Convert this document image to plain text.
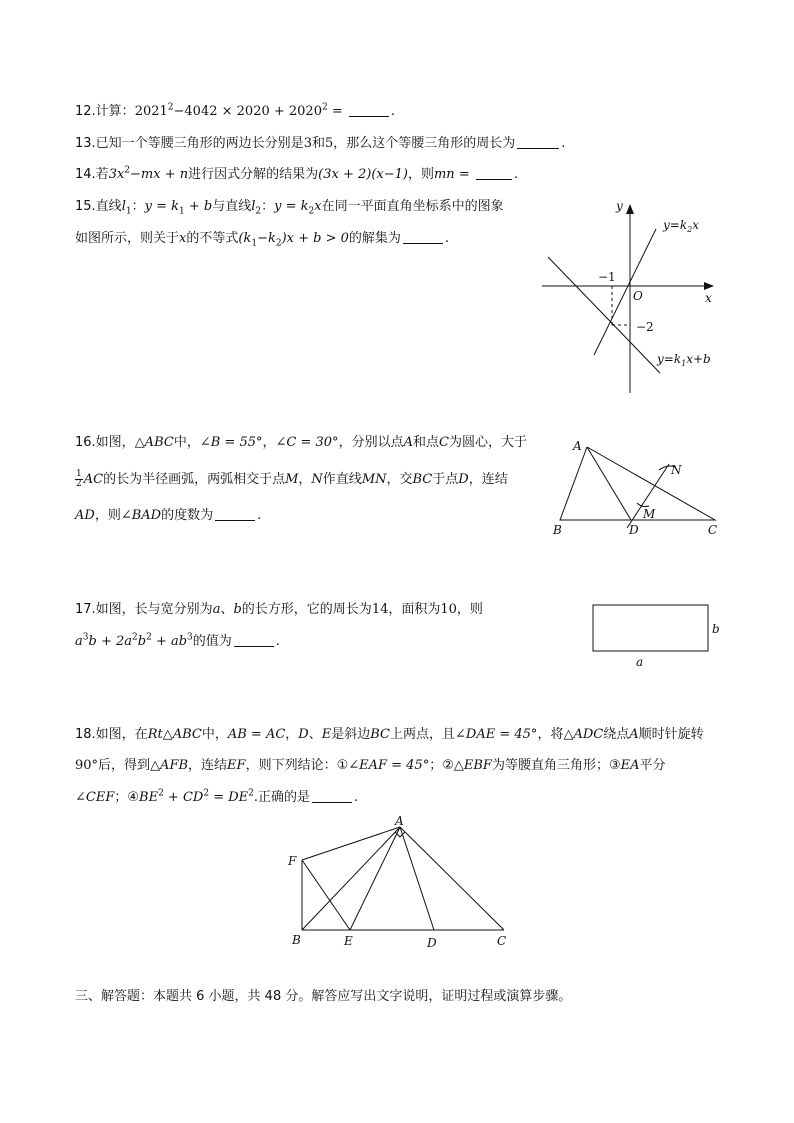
12.计算：$2021^2-4042 \times 2020 + 2020^2$ =	.
13.已知一个等腰三角形的两边长分别是3和5，那么这个等腰三角形的周长为	.
14.若$3x^2-mx + n$进行因式分解的结果为(3x + 2)(x−1)，则mn =	.
15.直线$l_1$：$y = k_1 + b$与直线$l_2$：$y = k_2x$在同一平面直角坐标系中的图象
如图所示，则关于x的不等式$(k_1-k_2)x + b > 0$的解集为	.
y
x
O
−1
−2
$y=k_2x$
$y=k_1x+b$
16.如图，△ABC中，∠B = 55°，∠C = 30°，分别以点A和点C为圆心，大于
$\frac{1}{2}$ AC的长为半径画弧，两弧相交于点M，N作直线MN，交BC于点D，连结
AD，则∠BAD的度数为	.
A
B	C
D
M
N
17.如图，长与宽分别为a、b的长方形，它的周长为14，面积为10，则
$a^3b + 2a^2b^2 + ab^3$的值为	.
b
a
18.如图，在Rt△ABC中，AB = AC，D、E是斜边BC上两点，且∠DAE = 45°，将△ADC绕点A顺时针旋转
90°后，得到△AFB，连结EF，则下列结论：①∠EAF = 45°；②△EBF为等腰直角三角形；③EA平分
∠CEF；$④BE^2 + CD^2 = DE^2$.正确的是	.
A
F
B	E	D	C
三、解答题：本题共 6 小题，共 48 分。解答应写出文字说明，证明过程或演算步骤。
